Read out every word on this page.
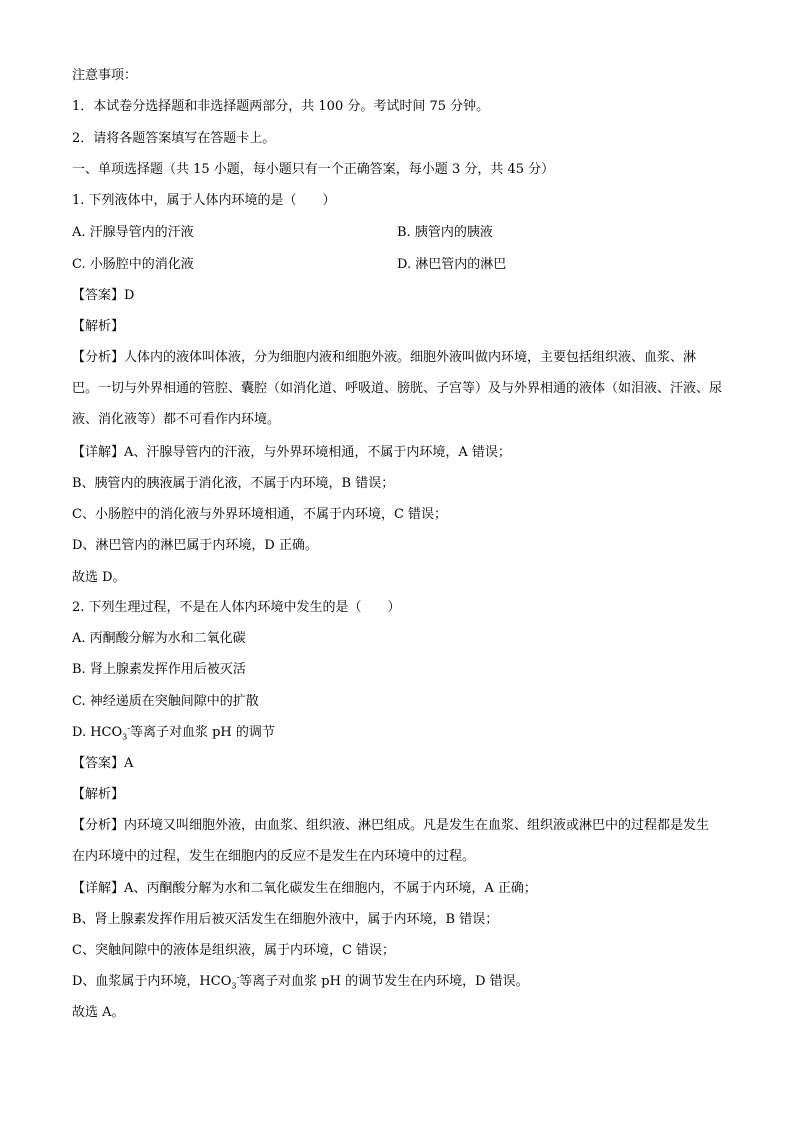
注意事项：
1．本试卷分选择题和非选择题两部分，共 100 分。考试时间 75 分钟。
2．请将各题答案填写在答题卡上。
一、单项选择题（共 15 小题，每小题只有一个正确答案，每小题 3 分，共 45 分）
1. 下列液体中，属于人体内环境的是（　　）
A. 汗腺导管内的汗液	B. 胰管内的胰液
C. 小肠腔中的消化液	D. 淋巴管内的淋巴
【答案】D
【解析】
【分析】人体内的液体叫体液，分为细胞内液和细胞外液。细胞外液叫做内环境，主要包括组织液、血浆、淋巴。一切与外界相通的管腔、囊腔（如消化道、呼吸道、膀胱、子宫等）及与外界相通的液体（如泪液、汗液、尿液、消化液等）都不可看作内环境。
【详解】A、汗腺导管内的汗液，与外界环境相通，不属于内环境，A 错误；
B、胰管内的胰液属于消化液，不属于内环境，B 错误；
C、小肠腔中的消化液与外界环境相通，不属于内环境，C 错误；
D、淋巴管内的淋巴属于内环境，D 正确。
故选 D。
2. 下列生理过程，不是在人体内环境中发生的是（　　）
A. 丙酮酸分解为水和二氧化碳
B. 肾上腺素发挥作用后被灭活
C. 神经递质在突触间隙中的扩散
D. $HCO_3^-$等离子对血浆 pH 的调节
【答案】A
【解析】
【分析】内环境又叫细胞外液，由血浆、组织液、淋巴组成。凡是发生在血浆、组织液或淋巴中的过程都是发生在内环境中的过程，发生在细胞内的反应不是发生在内环境中的过程。
【详解】A、丙酮酸分解为水和二氧化碳发生在细胞内，不属于内环境，A 正确；
B、肾上腺素发挥作用后被灭活发生在细胞外液中，属于内环境，B 错误；
C、突触间隙中的液体是组织液，属于内环境，C 错误；
D、血浆属于内环境，$HCO_3^-$等离子对血浆 pH 的调节发生在内环境，D 错误。
故选 A。
